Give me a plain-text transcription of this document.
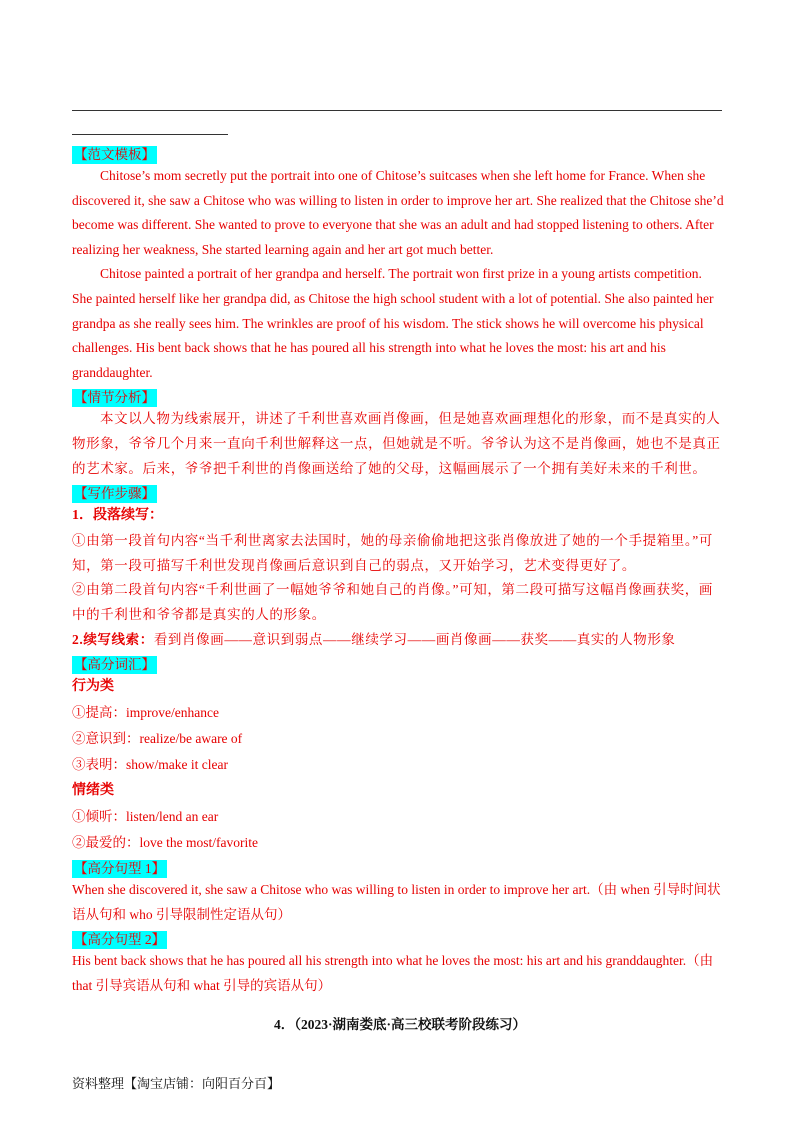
【范文模板】

Chitose’s mom secretly put the portrait into one of Chitose’s suitcases when she left home for France. When she discovered it, she saw a Chitose who was willing to listen in order to improve her art. She realized that the Chitose she’d become was different. She wanted to prove to everyone that she was an adult and had stopped listening to others. After realizing her weakness, She started learning again and her art got much better.

Chitose painted a portrait of her grandpa and herself. The portrait won first prize in a young artists competition. She painted herself like her grandpa did, as Chitose the high school student with a lot of potential. She also painted her grandpa as she really sees him. The wrinkles are proof of his wisdom. The stick shows he will overcome his physical challenges. His bent back shows that he has poured all his strength into what he loves the most: his art and his granddaughter.

【情节分析】

本文以人物为线索展开，讲述了千利世喜欢画肖像画，但是她喜欢画理想化的形象，而不是真实的人物形象，爷爷几个月来一直向千利世解释这一点，但她就是不听。爷爷认为这不是肖像画，她也不是真正的艺术家。后来，爷爷把千利世的肖像画送给了她的父母，这幅画展示了一个拥有美好未来的千利世。

【写作步骤】

1．段落续写：

①由第一段首句内容“当千利世离家去法国时，她的母亲偷偷地把这张肖像放进了她的一个手提箱里。”可知，第一段可描写千利世发现肖像画后意识到自己的弱点，又开始学习，艺术变得更好了。

②由第二段首句内容“千利世画了一幅她爷爷和她自己的肖像。”可知，第二段可描写这幅肖像画获奖，画中的千利世和爷爷都是真实的人的形象。

2.续写线索：看到肖像画——意识到弱点——继续学习——画肖像画——获奖——真实的人物形象

【高分词汇】

行为类

①提高：improve/enhance

②意识到：realize/be aware of

③表明：show/make it clear

情绪类

①倾听：listen/lend an ear

②最爱的：love the most/favorite

【高分句型 1】

When she discovered it, she saw a Chitose who was willing to listen in order to improve her art.（由 when 引导时间状语从句和 who 引导限制性定语从句）

【高分句型 2】

His bent back shows that he has poured all his strength into what he loves the most: his art and his granddaughter.（由 that 引导宾语从句和 what 引导的宾语从句）

4．（2023·湖南娄底·高三校联考阶段练习）
资料整理【淘宝店铺：向阳百分百】
